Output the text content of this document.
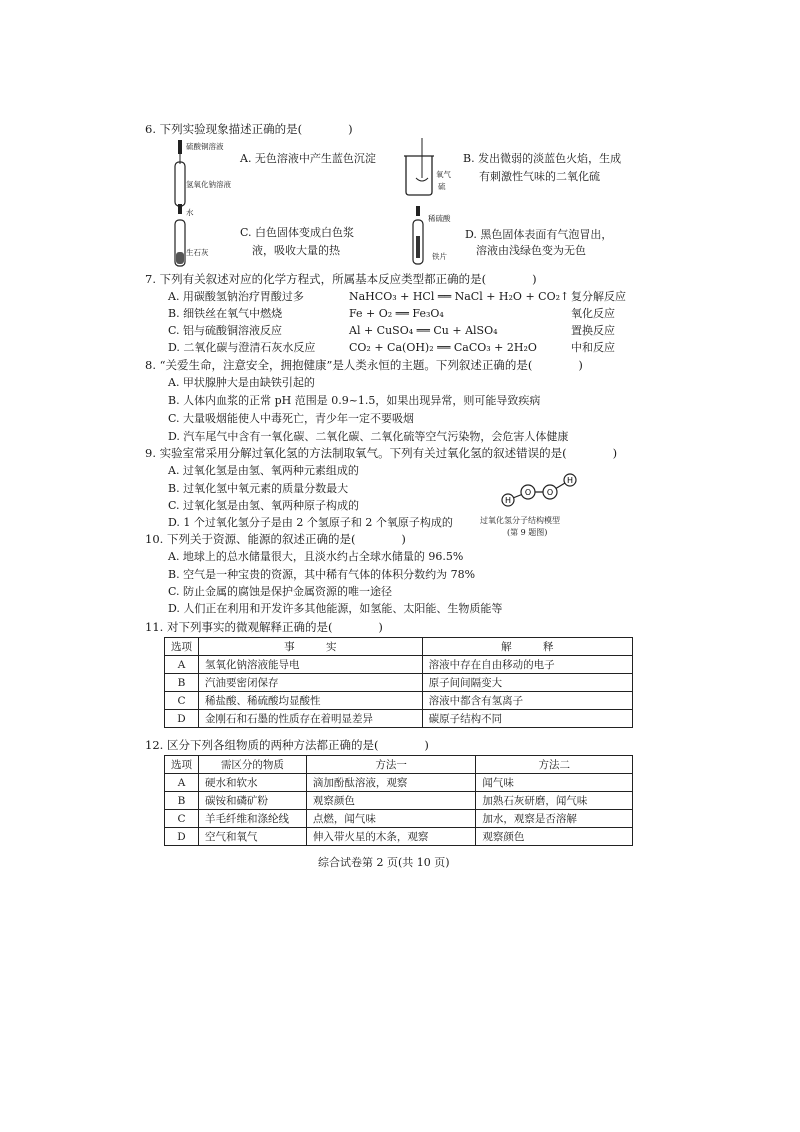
6. 下列实验现象描述正确的是(　　　　)
硫酸铜溶液
氢氧化钠溶液
A. 无色溶液中产生蓝色沉淀
氧气
硫
B. 发出微弱的淡蓝色火焰，生成
有刺激性气味的二氧化硫
水
生石灰
C. 白色固体变成白色浆
液，吸收大量的热
稀硫酸
铁片
D. 黑色固体表面有气泡冒出，
溶液由浅绿色变为无色
7. 下列有关叙述对应的化学方程式，所属基本反应类型都正确的是(　　　　)
A. 用碳酸氢钠治疗胃酸过多	NaHCO₃ + HCl ══ NaCl + H₂O + CO₂↑ 复分解反应
B. 细铁丝在氧气中燃烧	Fe + O₂ ══ Fe₃O₄	氧化反应
C. 铝与硫酸铜溶液反应	Al + CuSO₄ ══ Cu + AlSO₄	置换反应
D. 二氧化碳与澄清石灰水反应	CO₂ + Ca(OH)₂ ══ CaCO₃ + 2H₂O	中和反应
8. “关爱生命，注意安全，拥抱健康”是人类永恒的主题。下列叙述正确的是(　　　　)
A. 甲状腺肿大是由缺铁引起的
B. 人体内血浆的正常 pH 范围是 0.9~1.5，如果出现异常，则可能导致疾病
C. 大量吸烟能使人中毒死亡，青少年一定不要吸烟
D. 汽车尾气中含有一氧化碳、二氧化碳、二氧化硫等空气污染物，会危害人体健康
9. 实验室常采用分解过氧化氢的方法制取氧气。下列有关过氧化氢的叙述错误的是(　　　　)
A. 过氧化氢是由氢、氧两种元素组成的
B. 过氧化氢中氧元素的质量分数最大
C. 过氧化氢是由氢、氧两种原子构成的
D. 1 个过氧化氢分子是由 2 个氢原子和 2 个氧原子构成的
H
O O
H
过氧化氢分子结构模型
(第 9 题图)
10. 下列关于资源、能源的叙述正确的是(　　　　)
A. 地球上的总水储量很大，且淡水约占全球水储量的 96.5%
B. 空气是一种宝贵的资源，其中稀有气体的体积分数约为 78%
C. 防止金属的腐蚀是保护金属资源的唯一途径
D. 人们正在利用和开发许多其他能源，如氢能、太阳能、生物质能等
11. 对下列事实的微观解释正确的是(　　　　)
选项	事　　　实	解　　　释
A	氢氧化钠溶液能导电	溶液中存在自由移动的电子
B	汽油要密闭保存	原子间间隔变大
C	稀盐酸、稀硫酸均显酸性	溶液中都含有氢离子
D	金刚石和石墨的性质存在着明显差异	碳原子结构不同
12. 区分下列各组物质的两种方法都正确的是(　　　　)
选项	需区分的物质	方法一	方法二
A	硬水和软水	滴加酚酞溶液，观察	闻气味
B	碳铵和磷矿粉	观察颜色	加熟石灰研磨，闻气味
C	羊毛纤维和涤纶线	点燃，闻气味	加水，观察是否溶解
D	空气和氧气	伸入带火星的木条，观察	观察颜色
综合试卷第 2 页(共 10 页)
